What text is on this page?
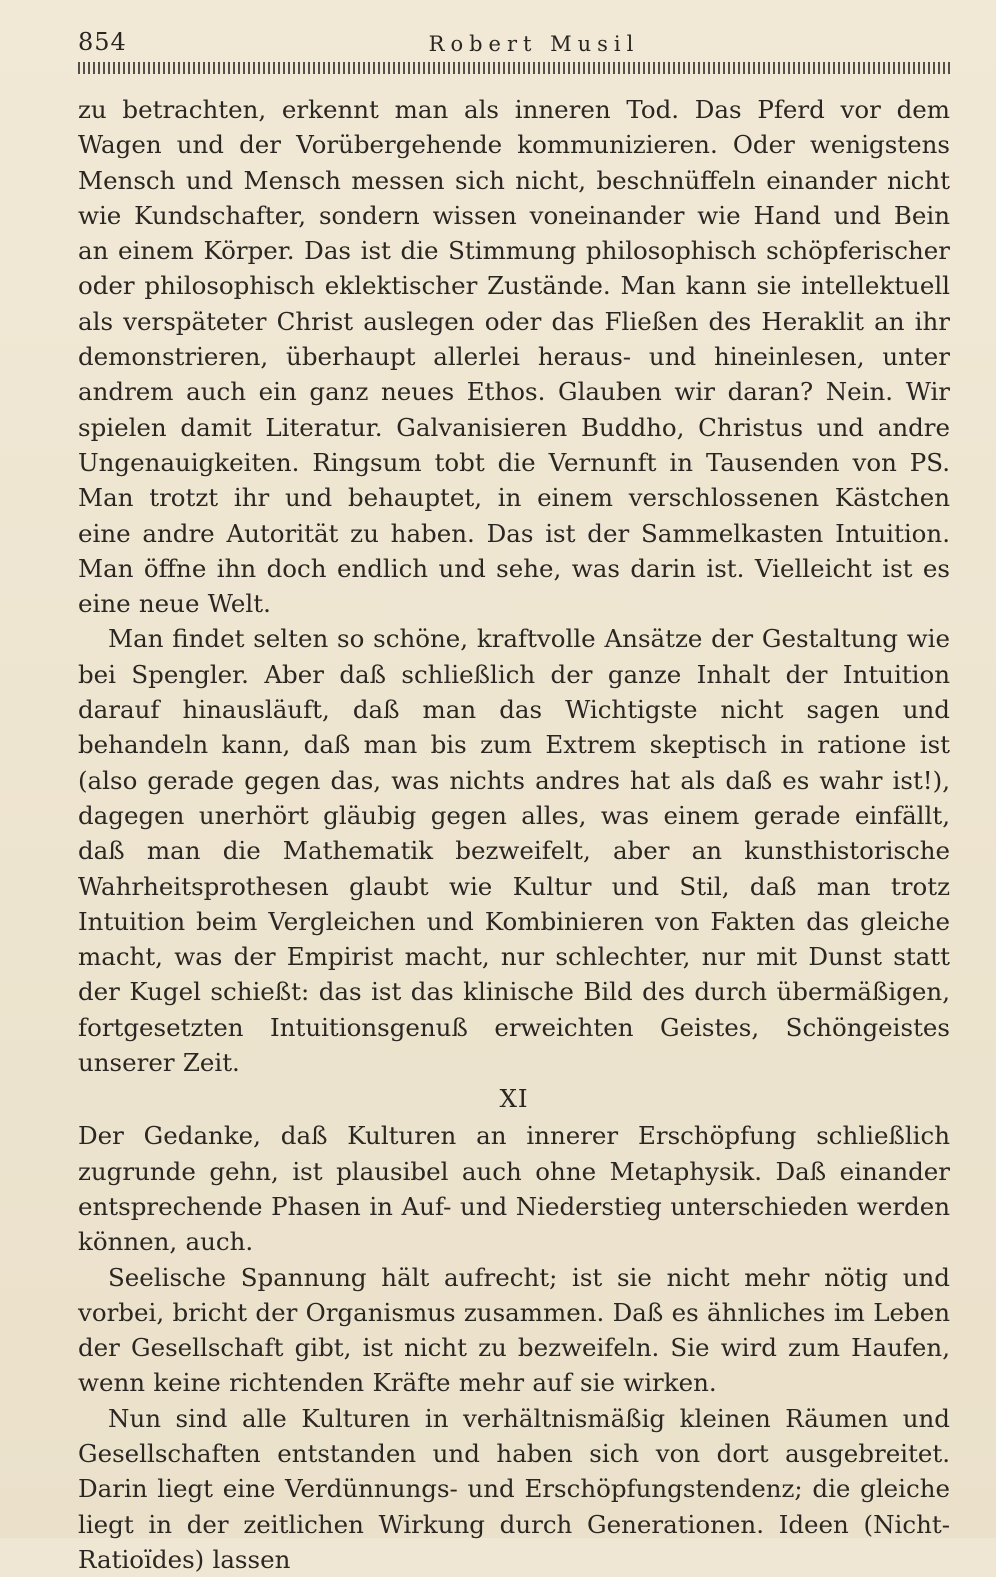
854	Robert Musil

zu betrachten, erkennt man als inneren Tod. Das Pferd vor dem Wagen und der Vorübergehende kommunizieren. Oder wenigstens Mensch und Mensch messen sich nicht, beschnüffeln einander nicht wie Kundschafter, sondern wissen voneinander wie Hand und Bein an einem Körper. Das ist die Stimmung philosophisch schöpferischer oder philosophisch eklektischer Zustände. Man kann sie intellektuell als verspäteter Christ auslegen oder das Fließen des Heraklit an ihr demonstrieren, überhaupt allerlei heraus- und hineinlesen, unter andrem auch ein ganz neues Ethos. Glauben wir daran? Nein. Wir spielen damit Literatur. Galvanisieren Buddho, Christus und andre Ungenauigkeiten. Ringsum tobt die Vernunft in Tausenden von PS. Man trotzt ihr und behauptet, in einem verschlossenen Kästchen eine andre Autorität zu haben. Das ist der Sammelkasten Intuition. Man öffne ihn doch endlich und sehe, was darin ist. Vielleicht ist es eine neue Welt.

Man findet selten so schöne, kraftvolle Ansätze der Gestaltung wie bei Spengler. Aber daß schließlich der ganze Inhalt der Intuition darauf hinausläuft, daß man das Wichtigste nicht sagen und behandeln kann, daß man bis zum Extrem skeptisch in ratione ist (also gerade gegen das, was nichts andres hat als daß es wahr ist!), dagegen unerhört gläubig gegen alles, was einem gerade einfällt, daß man die Mathematik bezweifelt, aber an kunsthistorische Wahrheitsprothesen glaubt wie Kultur und Stil, daß man trotz Intuition beim Vergleichen und Kombinieren von Fakten das gleiche macht, was der Empirist macht, nur schlechter, nur mit Dunst statt der Kugel schießt: das ist das klinische Bild des durch übermäßigen, fortgesetzten Intuitionsgenuß erweichten Geistes, Schöngeistes unserer Zeit.

XI

Der Gedanke, daß Kulturen an innerer Erschöpfung schließlich zugrunde gehn, ist plausibel auch ohne Metaphysik. Daß einander entsprechende Phasen in Auf- und Niederstieg unterschieden werden können, auch.

Seelische Spannung hält aufrecht; ist sie nicht mehr nötig und vorbei, bricht der Organismus zusammen. Daß es ähnliches im Leben der Gesellschaft gibt, ist nicht zu bezweifeln. Sie wird zum Haufen, wenn keine richtenden Kräfte mehr auf sie wirken.

Nun sind alle Kulturen in verhältnismäßig kleinen Räumen und Gesellschaften entstanden und haben sich von dort ausgebreitet. Darin liegt eine Verdünnungs- und Erschöpfungstendenz; die gleiche liegt in der zeitlichen Wirkung durch Generationen. Ideen (Nicht-Ratioïdes) lassen
